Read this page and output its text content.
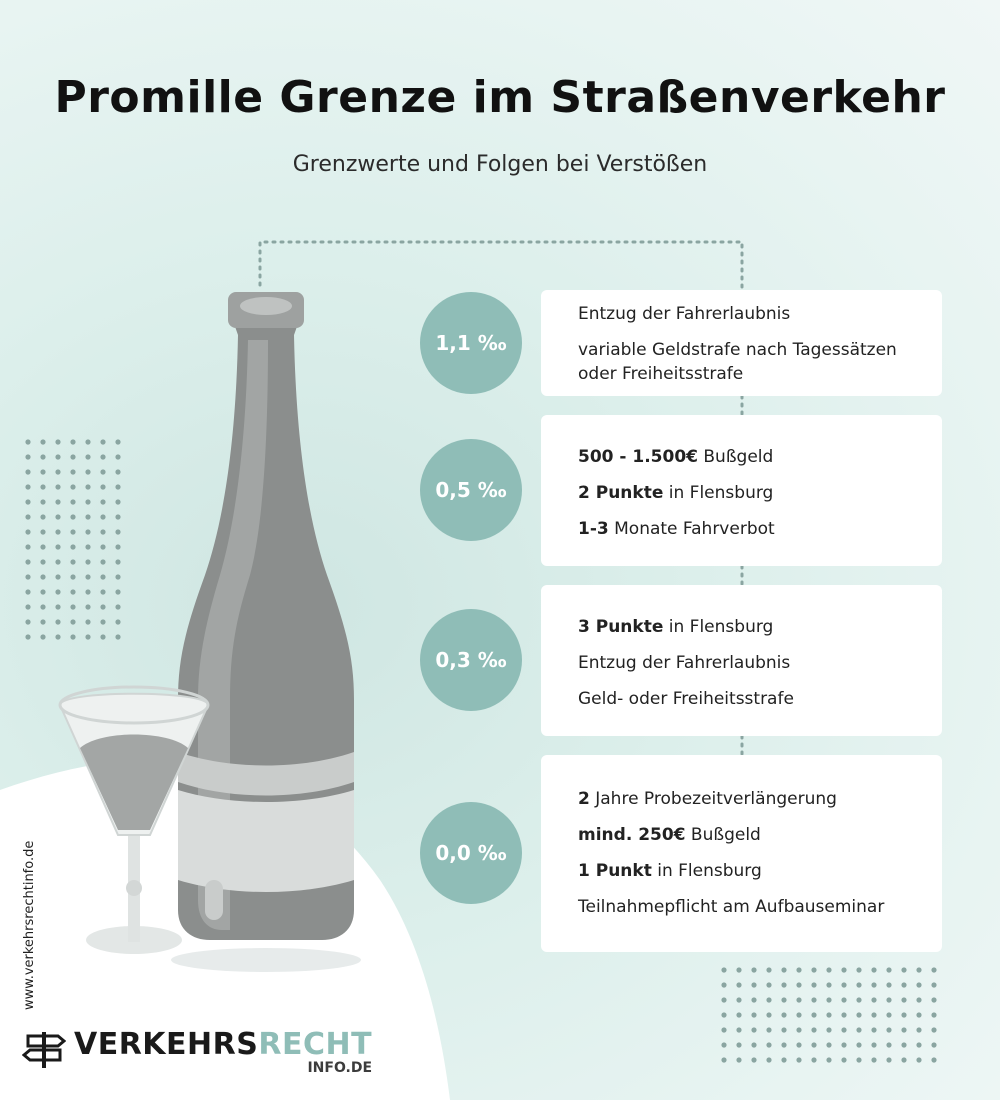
Promille Grenze im Straßenverkehr
Grenzwerte und Folgen bei Verstößen
1,1 ‰
Entzug der Fahrerlaubnis
variable Geldstrafe nach Tagessätzen oder Freiheitsstrafe
0,5 ‰
500 - 1.500€ Bußgeld
2 Punkte in Flensburg
1-3 Monate Fahrverbot
0,3 ‰
3 Punkte in Flensburg
Entzug der Fahrerlaubnis
Geld- oder Freiheitsstrafe
0,0 ‰
2 Jahre Probezeitverlängerung
mind. 250€ Bußgeld
1 Punkt in Flensburg
Teilnahmepflicht am Aufbauseminar
www.verkehrsrechtinfo.de
VERKEHRSRECHT
INFO.DE
